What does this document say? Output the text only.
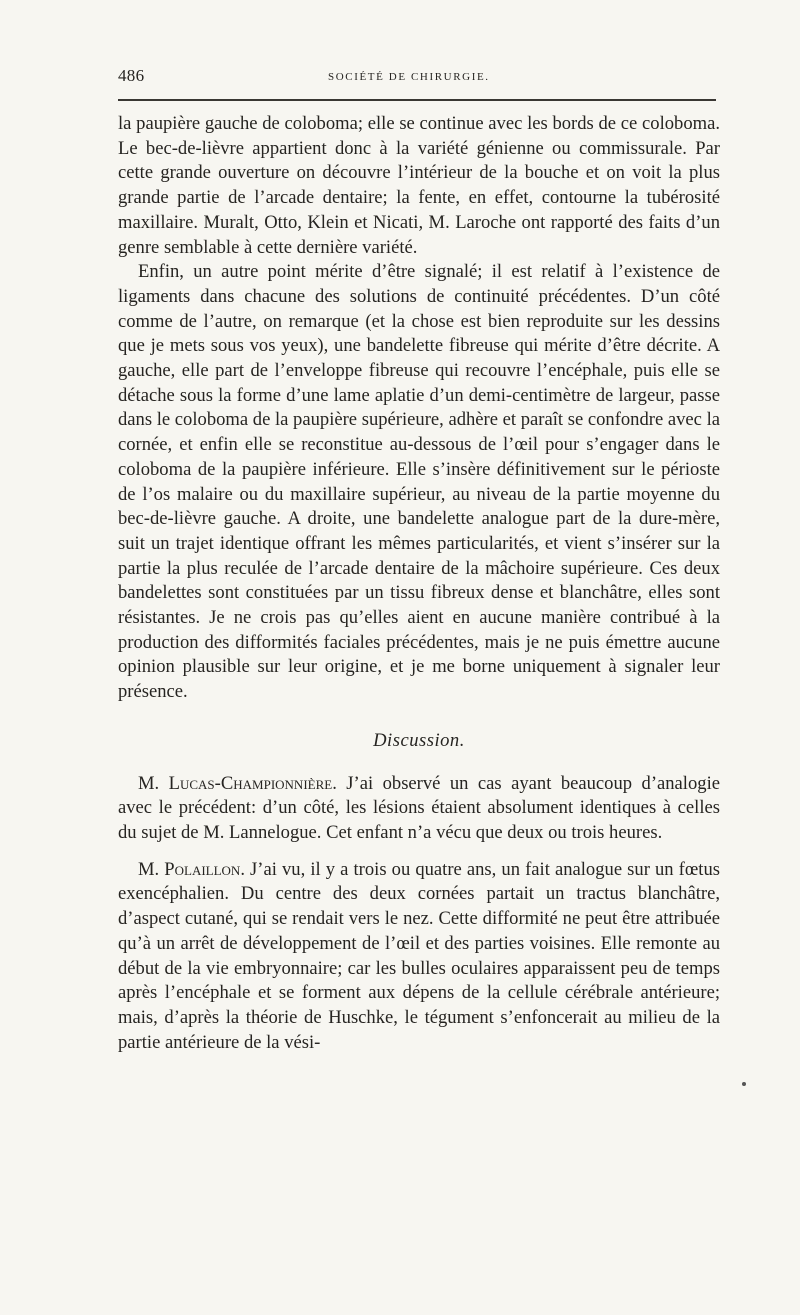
486	SOCIÉTÉ DE CHIRURGIE.

la paupière gauche de coloboma; elle se continue avec les bords de ce coloboma. Le bec-de-lièvre appartient donc à la variété génienne ou commissurale. Par cette grande ouverture on découvre l’intérieur de la bouche et on voit la plus grande partie de l’arcade dentaire; la fente, en effet, contourne la tubérosité maxillaire. Muralt, Otto, Klein et Nicati, M. Laroche ont rapporté des faits d’un genre semblable à cette dernière variété.

Enfin, un autre point mérite d’être signalé; il est relatif à l’existence de ligaments dans chacune des solutions de continuité précédentes. D’un côté comme de l’autre, on remarque (et la chose est bien reproduite sur les dessins que je mets sous vos yeux), une bandelette fibreuse qui mérite d’être décrite. A gauche, elle part de l’enveloppe fibreuse qui recouvre l’encéphale, puis elle se détache sous la forme d’une lame aplatie d’un demi-centimètre de largeur, passe dans le coloboma de la paupière supérieure, adhère et paraît se confondre avec la cornée, et enfin elle se reconstitue au-dessous de l’œil pour s’engager dans le coloboma de la paupière inférieure. Elle s’insère définitivement sur le périoste de l’os malaire ou du maxillaire supérieur, au niveau de la partie moyenne du bec-de-lièvre gauche. A droite, une bandelette analogue part de la dure-mère, suit un trajet identique offrant les mêmes particularités, et vient s’insérer sur la partie la plus reculée de l’arcade dentaire de la mâchoire supérieure. Ces deux bandelettes sont constituées par un tissu fibreux dense et blanchâtre, elles sont résistantes. Je ne crois pas qu’elles aient en aucune manière contribué à la production des difformités faciales précédentes, mais je ne puis émettre aucune opinion plausible sur leur origine, et je me borne uniquement à signaler leur présence.

Discussion.

M. Lucas-Championnière. J’ai observé un cas ayant beaucoup d’analogie avec le précédent: d’un côté, les lésions étaient absolument identiques à celles du sujet de M. Lannelogue. Cet enfant n’a vécu que deux ou trois heures.

M. Polaillon. J’ai vu, il y a trois ou quatre ans, un fait analogue sur un fœtus exencéphalien. Du centre des deux cornées partait un tractus blanchâtre, d’aspect cutané, qui se rendait vers le nez. Cette difformité ne peut être attribuée qu’à un arrêt de développement de l’œil et des parties voisines. Elle remonte au début de la vie embryonnaire; car les bulles oculaires apparaissent peu de temps après l’encéphale et se forment aux dépens de la cellule cérébrale antérieure; mais, d’après la théorie de Huschke, le tégument s’enfoncerait au milieu de la partie antérieure de la vési-
